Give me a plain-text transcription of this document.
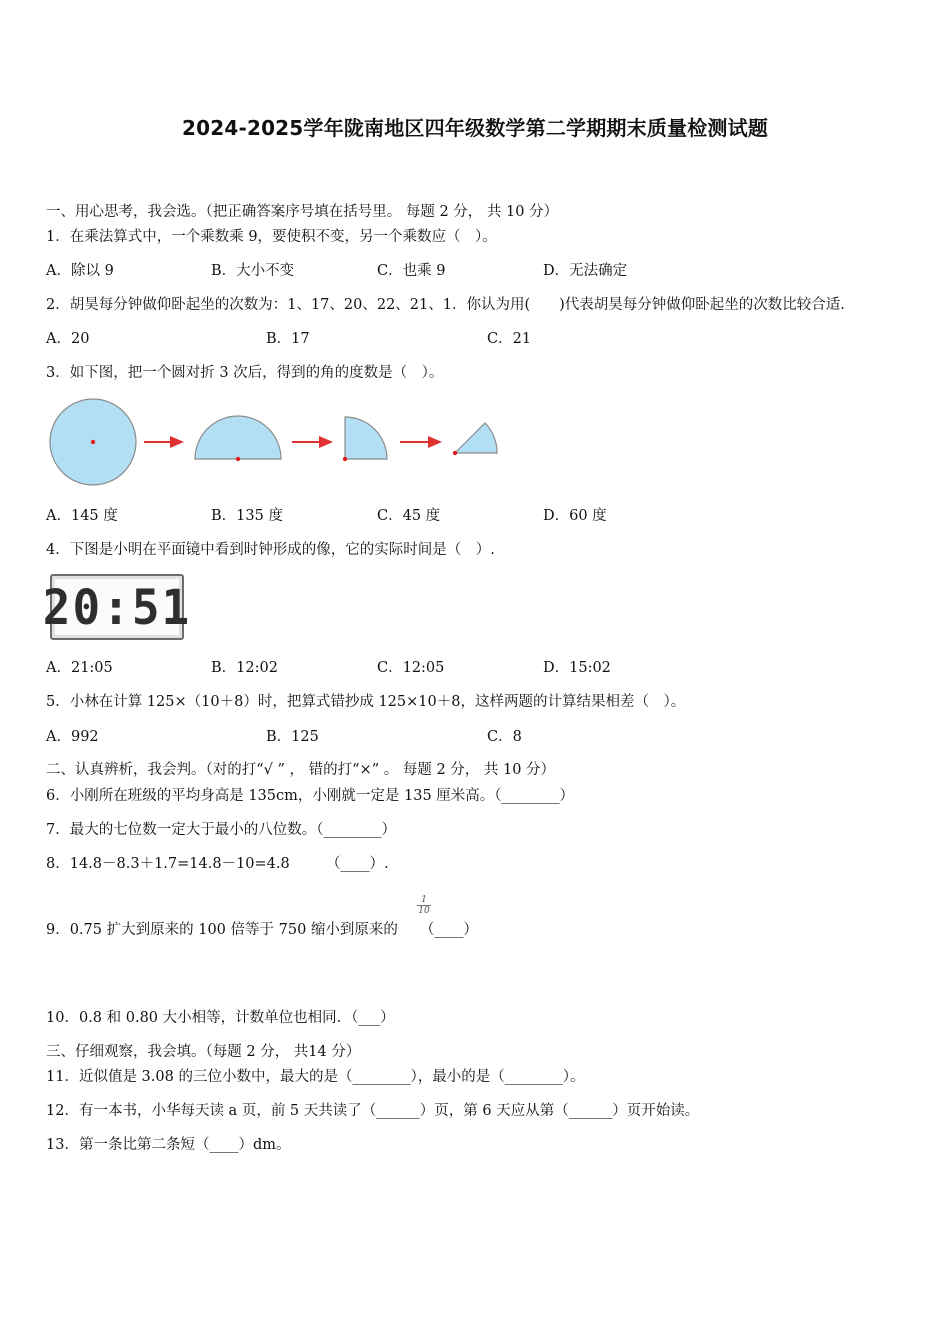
2024-2025学年陇南地区四年级数学第二学期期末质量检测试题
一、用心思考，我会选。（把正确答案序号填在括号里。 每题 2 分， 共 10 分）
1．在乘法算式中，一个乘数乘 9，要使积不变，另一个乘数应（　）。
A．除以 9	B．大小不变	C．也乘 9	D．无法确定
2．胡昊每分钟做仰卧起坐的次数为：1、17、20、22、21、1．你认为用(　　)代表胡昊每分钟做仰卧起坐的次数比较合适.
A．20	B．17	C．21
3．如下图，把一个圆对折 3 次后，得到的角的度数是（　）。
A．145 度	B．135 度	C．45 度	D．60 度
4．下图是小明在平面镜中看到时钟形成的像，它的实际时间是（　）.
20:51
A．21:05	B．12:02	C．12:05	D．15:02
5．小林在计算 125×（10＋8）时，把算式错抄成 125×10＋8，这样两题的计算结果相差（　）。
A．992	B．125	C．8
二、认真辨析，我会判。（对的打“√ ” ， 错的打“×” 。 每题 2 分， 共 10 分）
6．小刚所在班级的平均身高是 135cm，小刚就一定是 135 厘米高。（________）
7．最大的七位数一定大于最小的八位数。（________）
8．14.8－8.3＋1.7=14.8－10=4.8　　　（____）.
$\frac{1}{10}$
9．0.75 扩大到原来的 100 倍等于 750 缩小到原来的 （____）
10．0.8 和 0.80 大小相等，计数单位也相同．（___）
三、仔细观察，我会填。（每题 2 分， 共14 分）
11．近似值是 3.08 的三位小数中，最大的是（________），最小的是（________）。
12．有一本书，小华每天读 a 页，前 5 天共读了（______）页，第 6 天应从第（______）页开始读。
13．第一条比第二条短（____）dm。
